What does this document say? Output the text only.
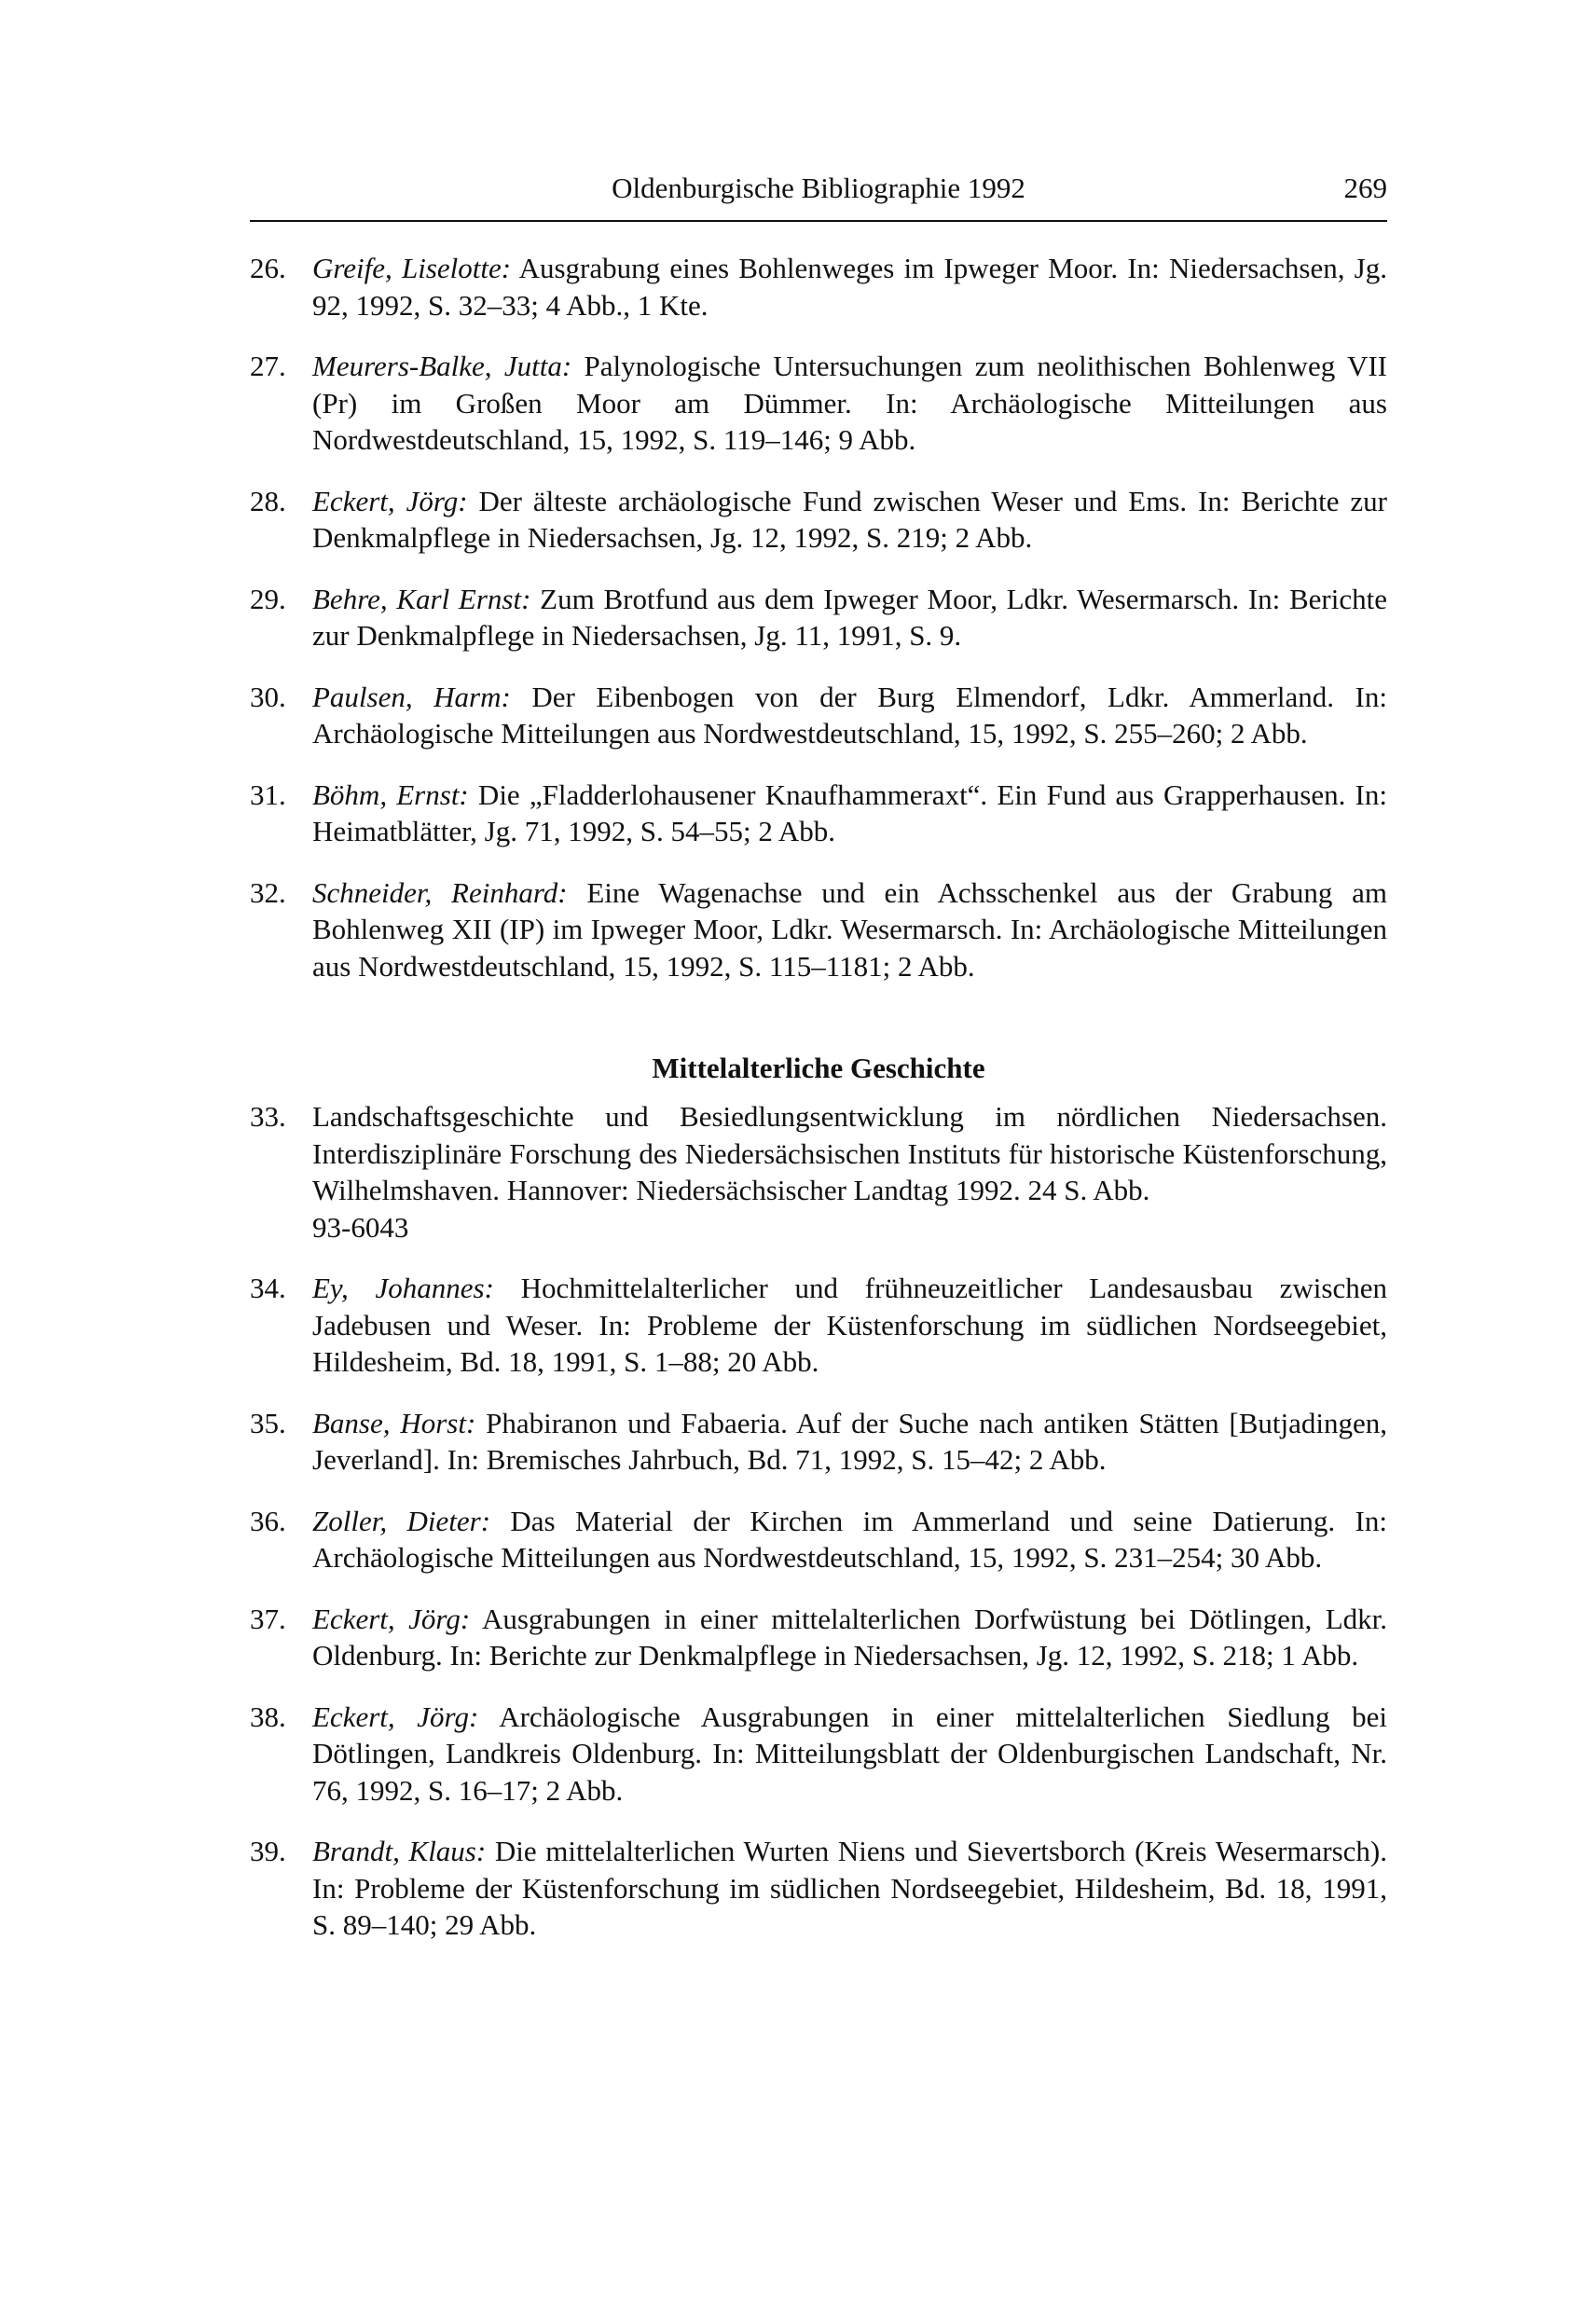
Oldenburgische Bibliographie 1992	269
26. Greife, Liselotte: Ausgrabung eines Bohlenweges im Ipweger Moor. In: Niedersachsen, Jg. 92, 1992, S. 32–33; 4 Abb., 1 Kte.
27. Meurers-Balke, Jutta: Palynologische Untersuchungen zum neolithischen Bohlenweg VII (Pr) im Großen Moor am Dümmer. In: Archäologische Mitteilungen aus Nordwestdeutschland, 15, 1992, S. 119–146; 9 Abb.
28. Eckert, Jörg: Der älteste archäologische Fund zwischen Weser und Ems. In: Berichte zur Denkmalpflege in Niedersachsen, Jg. 12, 1992, S. 219; 2 Abb.
29. Behre, Karl Ernst: Zum Brotfund aus dem Ipweger Moor, Ldkr. Wesermarsch. In: Berichte zur Denkmalpflege in Niedersachsen, Jg. 11, 1991, S. 9.
30. Paulsen, Harm: Der Eibenbogen von der Burg Elmendorf, Ldkr. Ammerland. In: Archäologische Mitteilungen aus Nordwestdeutschland, 15, 1992, S. 255–260; 2 Abb.
31. Böhm, Ernst: Die „Fladderlohausener Knaufhammeraxt“. Ein Fund aus Grapperhausen. In: Heimatblätter, Jg. 71, 1992, S. 54–55; 2 Abb.
32. Schneider, Reinhard: Eine Wagenachse und ein Achsschenkel aus der Grabung am Bohlenweg XII (IP) im Ipweger Moor, Ldkr. Wesermarsch. In: Archäologische Mitteilungen aus Nordwestdeutschland, 15, 1992, S. 115–1181; 2 Abb.
Mittelalterliche Geschichte
33. Landschaftsgeschichte und Besiedlungsentwicklung im nördlichen Niedersachsen. Interdisziplinäre Forschung des Niedersächsischen Instituts für historische Küstenforschung, Wilhelmshaven. Hannover: Niedersächsischer Landtag 1992. 24 S. Abb.
93-6043
34. Ey, Johannes: Hochmittelalterlicher und frühneuzeitlicher Landesausbau zwischen Jadebusen und Weser. In: Probleme der Küstenforschung im südlichen Nordseegebiet, Hildesheim, Bd. 18, 1991, S. 1–88; 20 Abb.
35. Banse, Horst: Phabiranon und Fabaeria. Auf der Suche nach antiken Stätten [Butjadingen, Jeverland]. In: Bremisches Jahrbuch, Bd. 71, 1992, S. 15–42; 2 Abb.
36. Zoller, Dieter: Das Material der Kirchen im Ammerland und seine Datierung. In: Archäologische Mitteilungen aus Nordwestdeutschland, 15, 1992, S. 231–254; 30 Abb.
37. Eckert, Jörg: Ausgrabungen in einer mittelalterlichen Dorfwüstung bei Dötlingen, Ldkr. Oldenburg. In: Berichte zur Denkmalpflege in Niedersachsen, Jg. 12, 1992, S. 218; 1 Abb.
38. Eckert, Jörg: Archäologische Ausgrabungen in einer mittelalterlichen Siedlung bei Dötlingen, Landkreis Oldenburg. In: Mitteilungsblatt der Oldenburgischen Landschaft, Nr. 76, 1992, S. 16–17; 2 Abb.
39. Brandt, Klaus: Die mittelalterlichen Wurten Niens und Sievertsborch (Kreis Wesermarsch). In: Probleme der Küstenforschung im südlichen Nordseegebiet, Hildesheim, Bd. 18, 1991, S. 89–140; 29 Abb.
